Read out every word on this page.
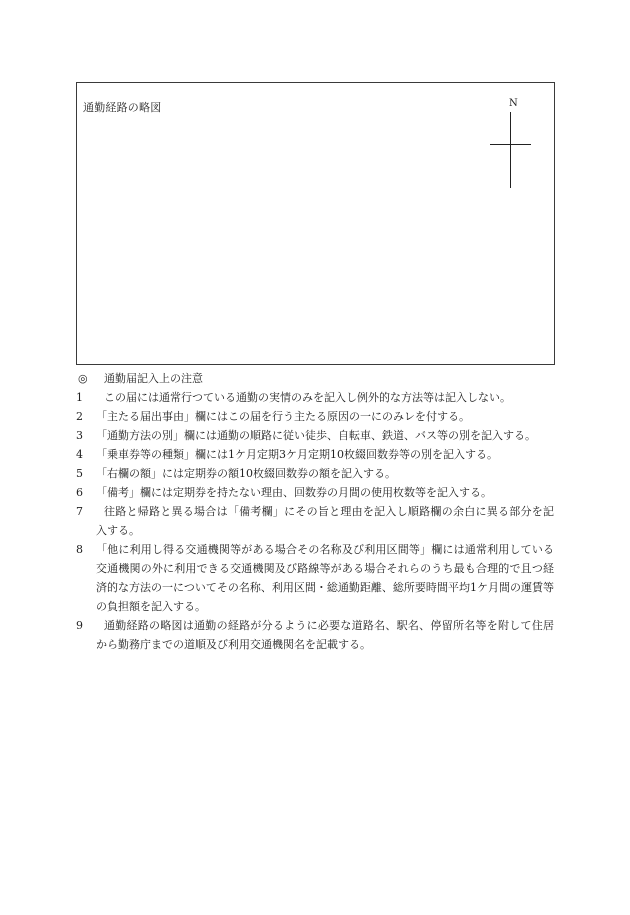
通勤経路の略図	N
◎	通勤届記入上の注意
1	この届には通常行つている通勤の実情のみを記入し例外的な方法等は記入しない。
2	「主たる届出事由」欄にはこの届を行う主たる原因の一にのみレを付する。
3	「通勤方法の別」欄には通勤の順路に従い徒歩、自転車、鉄道、バス等の別を記入する。
4	「乗車券等の種類」欄には1ケ月定期3ケ月定期10枚綴回数券等の別を記入する。
5	「右欄の額」には定期券の額10枚綴回数券の額を記入する。
6	「備考」欄には定期券を持たない理由、回数券の月間の使用枚数等を記入する。
7	往路と帰路と異る場合は「備考欄」にその旨と理由を記入し順路欄の余白に異る部分を記入する。
8	「他に利用し得る交通機関等がある場合その名称及び利用区間等」欄には通常利用している交通機関の外に利用できる交通機関及び路線等がある場合それらのうち最も合理的で且つ経済的な方法の一についてその名称、利用区間・総通勤距離、総所要時間平均1ケ月間の運賃等の負担額を記入する。
9	通勤経路の略図は通勤の経路が分るように必要な道路名、駅名、停留所名等を附して住居から勤務庁までの道順及び利用交通機関名を記載する。
